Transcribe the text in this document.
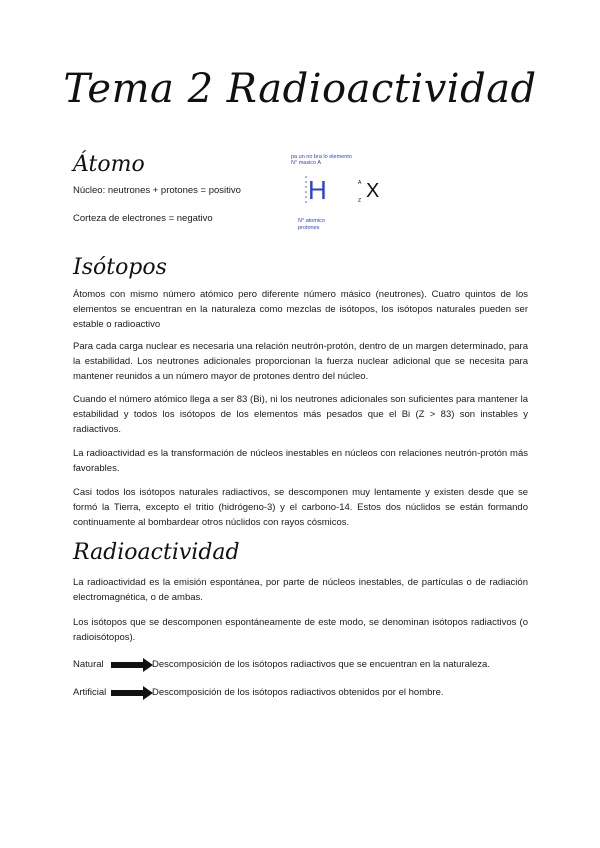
Tema 2 Radioactividad
Átomo
Núcleo: neutrones + protones = positivo
Corteza de electrones = negativo
pa un no bra lo elemento
N° masico A
H	A
Z X
N° atomico
protones
Isótopos
Átomos con mismo número atómico pero diferente número másico (neutrones). Cuatro quintos de los elementos se encuentran en la naturaleza como mezclas de isótopos, los isótopos naturales pueden ser estable o radioactivo
Para cada carga nuclear es necesaria una relación neutrón-protón, dentro de un margen determinado, para la estabilidad. Los neutrones adicionales proporcionan la fuerza nuclear adicional que se necesita para mantener reunidos a un número mayor de protones dentro del núcleo.
Cuando el número atómico llega a ser 83 (Bi), ni los neutrones adicionales son suficientes para mantener la estabilidad y todos los isótopos de los elementos más pesados que el Bi (Z > 83) son instables y radiactivos.
La radioactividad es la transformación de núcleos inestables en núcleos con relaciones neutrón-protón más favorables.
Casi todos los isótopos naturales radiactivos, se descomponen muy lentamente y existen desde que se formó la Tierra, excepto el tritio (hidrógeno-3) y el carbono-14. Estos dos núclidos se están formando continuamente al bombardear otros núclidos con rayos cósmicos.
Radioactividad
La radioactividad es la emisión espontánea, por parte de núcleos inestables, de partículas o de radiación electromagnética, o de ambas.
Los isótopos que se descomponen espontáneamente de este modo, se denominan isótopos radiactivos (o radioisótopos).
Natural	Descomposición de los isótopos radiactivos que se encuentran en la naturaleza.
Artificial	Descomposición de los isótopos radiactivos obtenidos por el hombre.
